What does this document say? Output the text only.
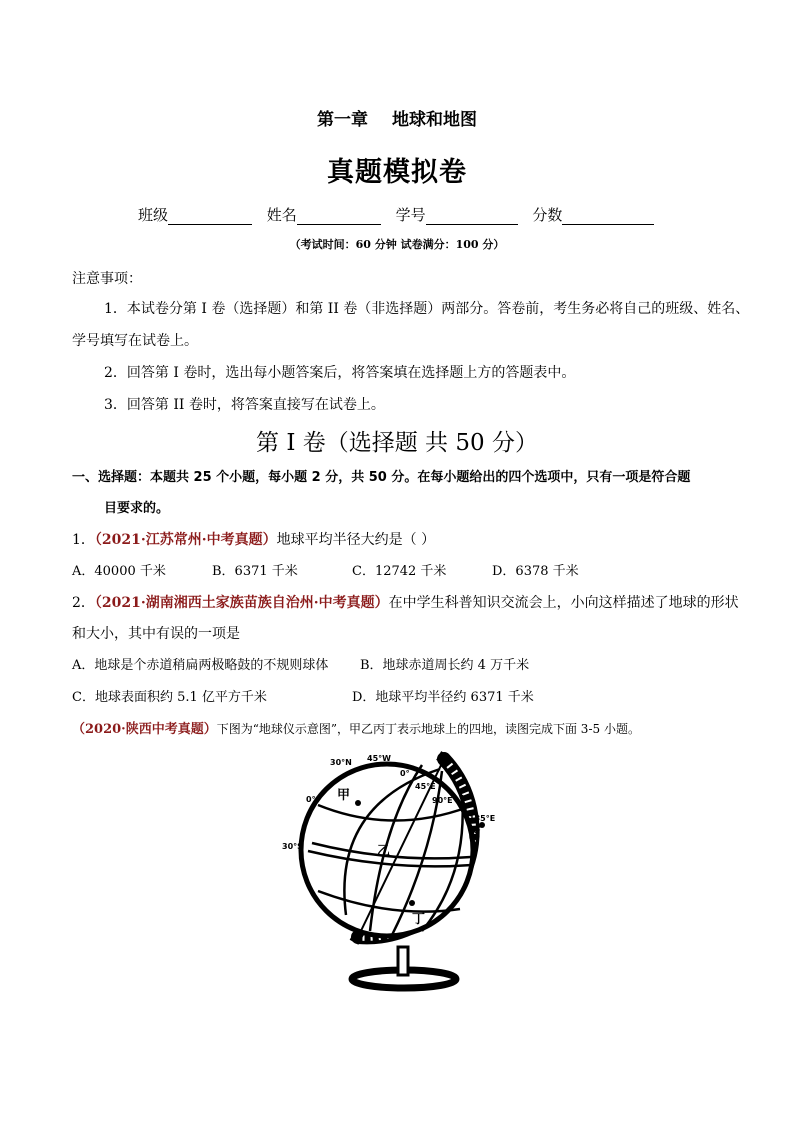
第一章 地球和地图
真题模拟卷
班级	姓名	学号	分数
（考试时间：60 分钟 试卷满分：100 分）
注意事项：
1．本试卷分第 I 卷（选择题）和第 II 卷（非选择题）两部分。答卷前，考生务必将自己的班级、姓名、
学号填写在试卷上。
2．回答第 I 卷时，选出每小题答案后，将答案填在选择题上方的答题表中。
3．回答第 II 卷时，将答案直接写在试卷上。
第 I 卷（选择题 共 50 分）
一、选择题：本题共 25 个小题，每小题 2 分，共 50 分。在每小题给出的四个选项中，只有一项是符合题
目要求的。
1．（2021·江苏常州·中考真题）地球平均半径大约是（ ）
A．40000 千米	B．6371 千米	C．12742 千米	D．6378 千米
2．（2021·湖南湘西土家族苗族自治州·中考真题）在中学生科普知识交流会上，小向这样描述了地球的形状
和大小，其中有误的一项是
A．地球是个赤道稍扁两极略鼓的不规则球体 B．地球赤道周长约 4 万千米
C．地球表面积约 5.1 亿平方千米	D．地球平均半径约 6371 千米
（2020·陕西中考真题）下图为“地球仪示意图”，甲乙丙丁表示地球上的四地，读图完成下面 3-5 小题。
30°N 45°W
0°
45°E
90°E
135°E
0°
30°S
甲
乙
丙
丁
